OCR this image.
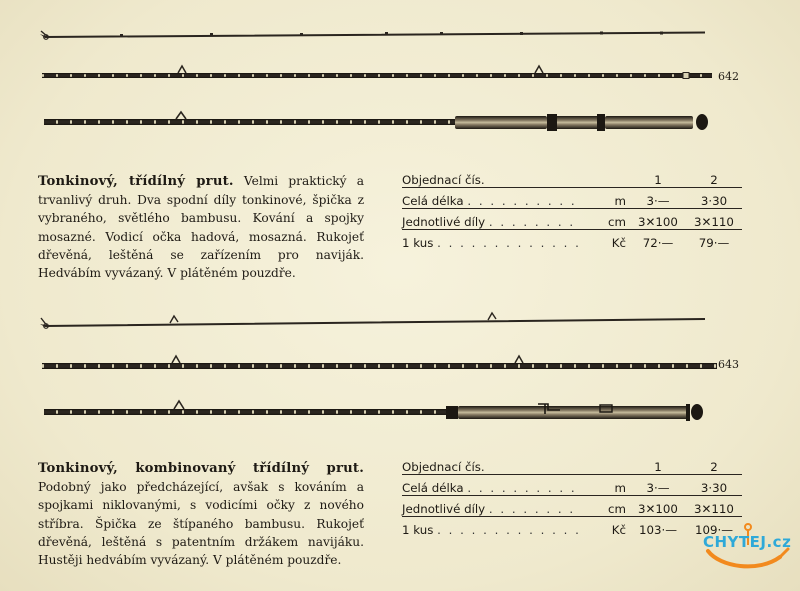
642
643
Tonkinový, třídílný prut. Velmi praktický a trvanlivý druh. Dva spodní díly tonkinové, špička z vybraného, světlého bambusu. Kování a spojky mosazné. Vodicí očka hadová, mosazná. Rukojeť dřevěná, leštěná se zařízením pro naviják. Hedvábím vyvázaný. V plátěném pouzdře.
Objednací čís.		1	2
Celá délka . . . . . . . . . .	m	3·—	3·30
Jednotlivé díly . . . . . . . .	cm	3✕100	3✕110
1 kus . . . . . . . . . . . . .	Kč	72·—	79·—
Tonkinový, kombinovaný třídílný prut. Podobný jako předcházející, avšak s kováním a spojkami niklovanými, s vodicími očky z nového stříbra. Špička ze štípaného bambusu. Rukojeť dřevěná, leštěná s patentním držákem navijáku. Hustěji hedvábím vyvázaný. V plátěném pouzdře.
Objednací čís.		1	2
Celá délka . . . . . . . . . .	m	3·—	3·30
Jednotlivé díly . . . . . . . .	cm	3✕100	3✕110
1 kus . . . . . . . . . . . . .	Kč	103·—	109·—
CHYTEJ.cz
